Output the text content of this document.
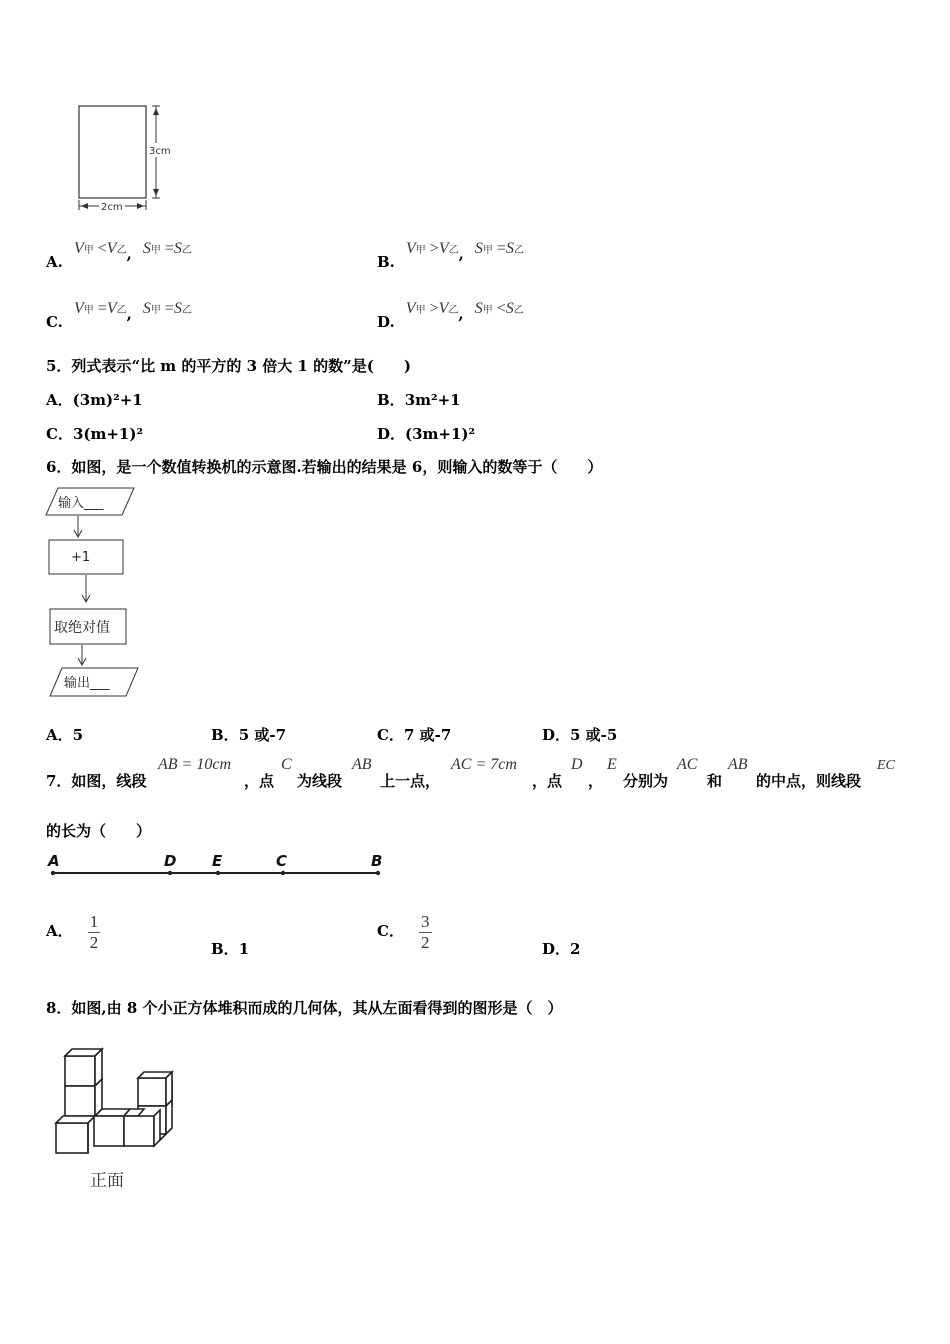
3cm
2cm
A. V甲 <V乙, S甲 =S乙
B. V甲 >V乙, S甲 =S乙
C. V甲 =V乙, S甲 =S乙
D. V甲 >V乙, S甲 <S乙
5．列式表示“比 m 的平方的 3 倍大 1 的数”是(　　)
A．(3m)²+1	B．3m²+1
C．3(m+1)²	D．(3m+1)²
6．如图，是一个数值转换机的示意图.若输出的结果是 6，则输入的数等于（　　）
输入___
+1
取绝对值
输出___
A．5	B．5 或-7	C．7 或-7	D．5 或-5
7．如图，线段
AB = 10cm
，点
C
为线段
AB
上一点，
AC = 7cm
，点
D
，
E
分别为
AC
和
AB
的中点，则线段
EC
的长为（　　）
A	D E	C	B
A． $\frac{1}{2}$	B．1
C． $\frac{3}{2}$	D．2
8．如图,由 8 个小正方体堆积而成的几何体，其从左面看得到的图形是（　）
正面
